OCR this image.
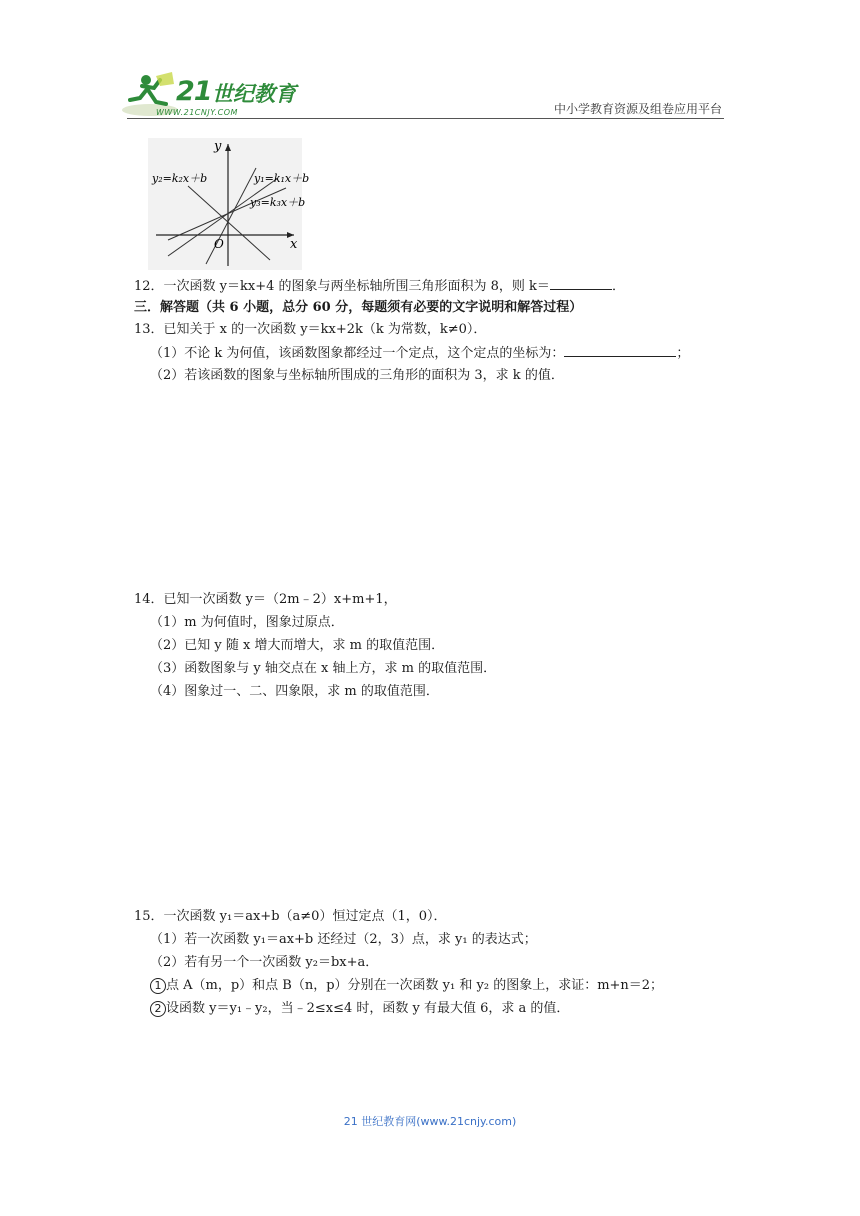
21 世纪教育
WWW.21CNJY.COM	中小学教育资源及组卷应用平台
y
x
O
y₂=k₂x＋b	y₁=k₁x＋b
y₃=k₃x＋b
12．一次函数 y＝kx+4 的图象与两坐标轴所围三角形面积为 8，则 k＝	．
三．解答题（共 6 小题，总分 60 分，每题须有必要的文字说明和解答过程）
13．已知关于 x 的一次函数 y＝kx+2k（k 为常数，k≠0）．
（1）不论 k 为何值，该函数图象都经过一个定点，这个定点的坐标为：	；
（2）若该函数的图象与坐标轴所围成的三角形的面积为 3，求 k 的值．
14．已知一次函数 y＝（2m﹣2）x+m+1，
（1）m 为何值时，图象过原点．
（2）已知 y 随 x 增大而增大，求 m 的取值范围．
（3）函数图象与 y 轴交点在 x 轴上方，求 m 的取值范围．
（4）图象过一、二、四象限，求 m 的取值范围．
15．一次函数 y₁＝ax+b（a≠0）恒过定点（1，0）．
（1）若一次函数 y₁＝ax+b 还经过（2，3）点，求 y₁ 的表达式；
（2）若有另一个一次函数 y₂＝bx+a．
1 点 A（m，p）和点 B（n，p）分别在一次函数 y₁ 和 y₂ 的图象上，求证：m+n＝2；
2 设函数 y＝y₁﹣y₂，当﹣2≤x≤4 时，函数 y 有最大值 6，求 a 的值．
21 世纪教育网(www.21cnjy.com)
